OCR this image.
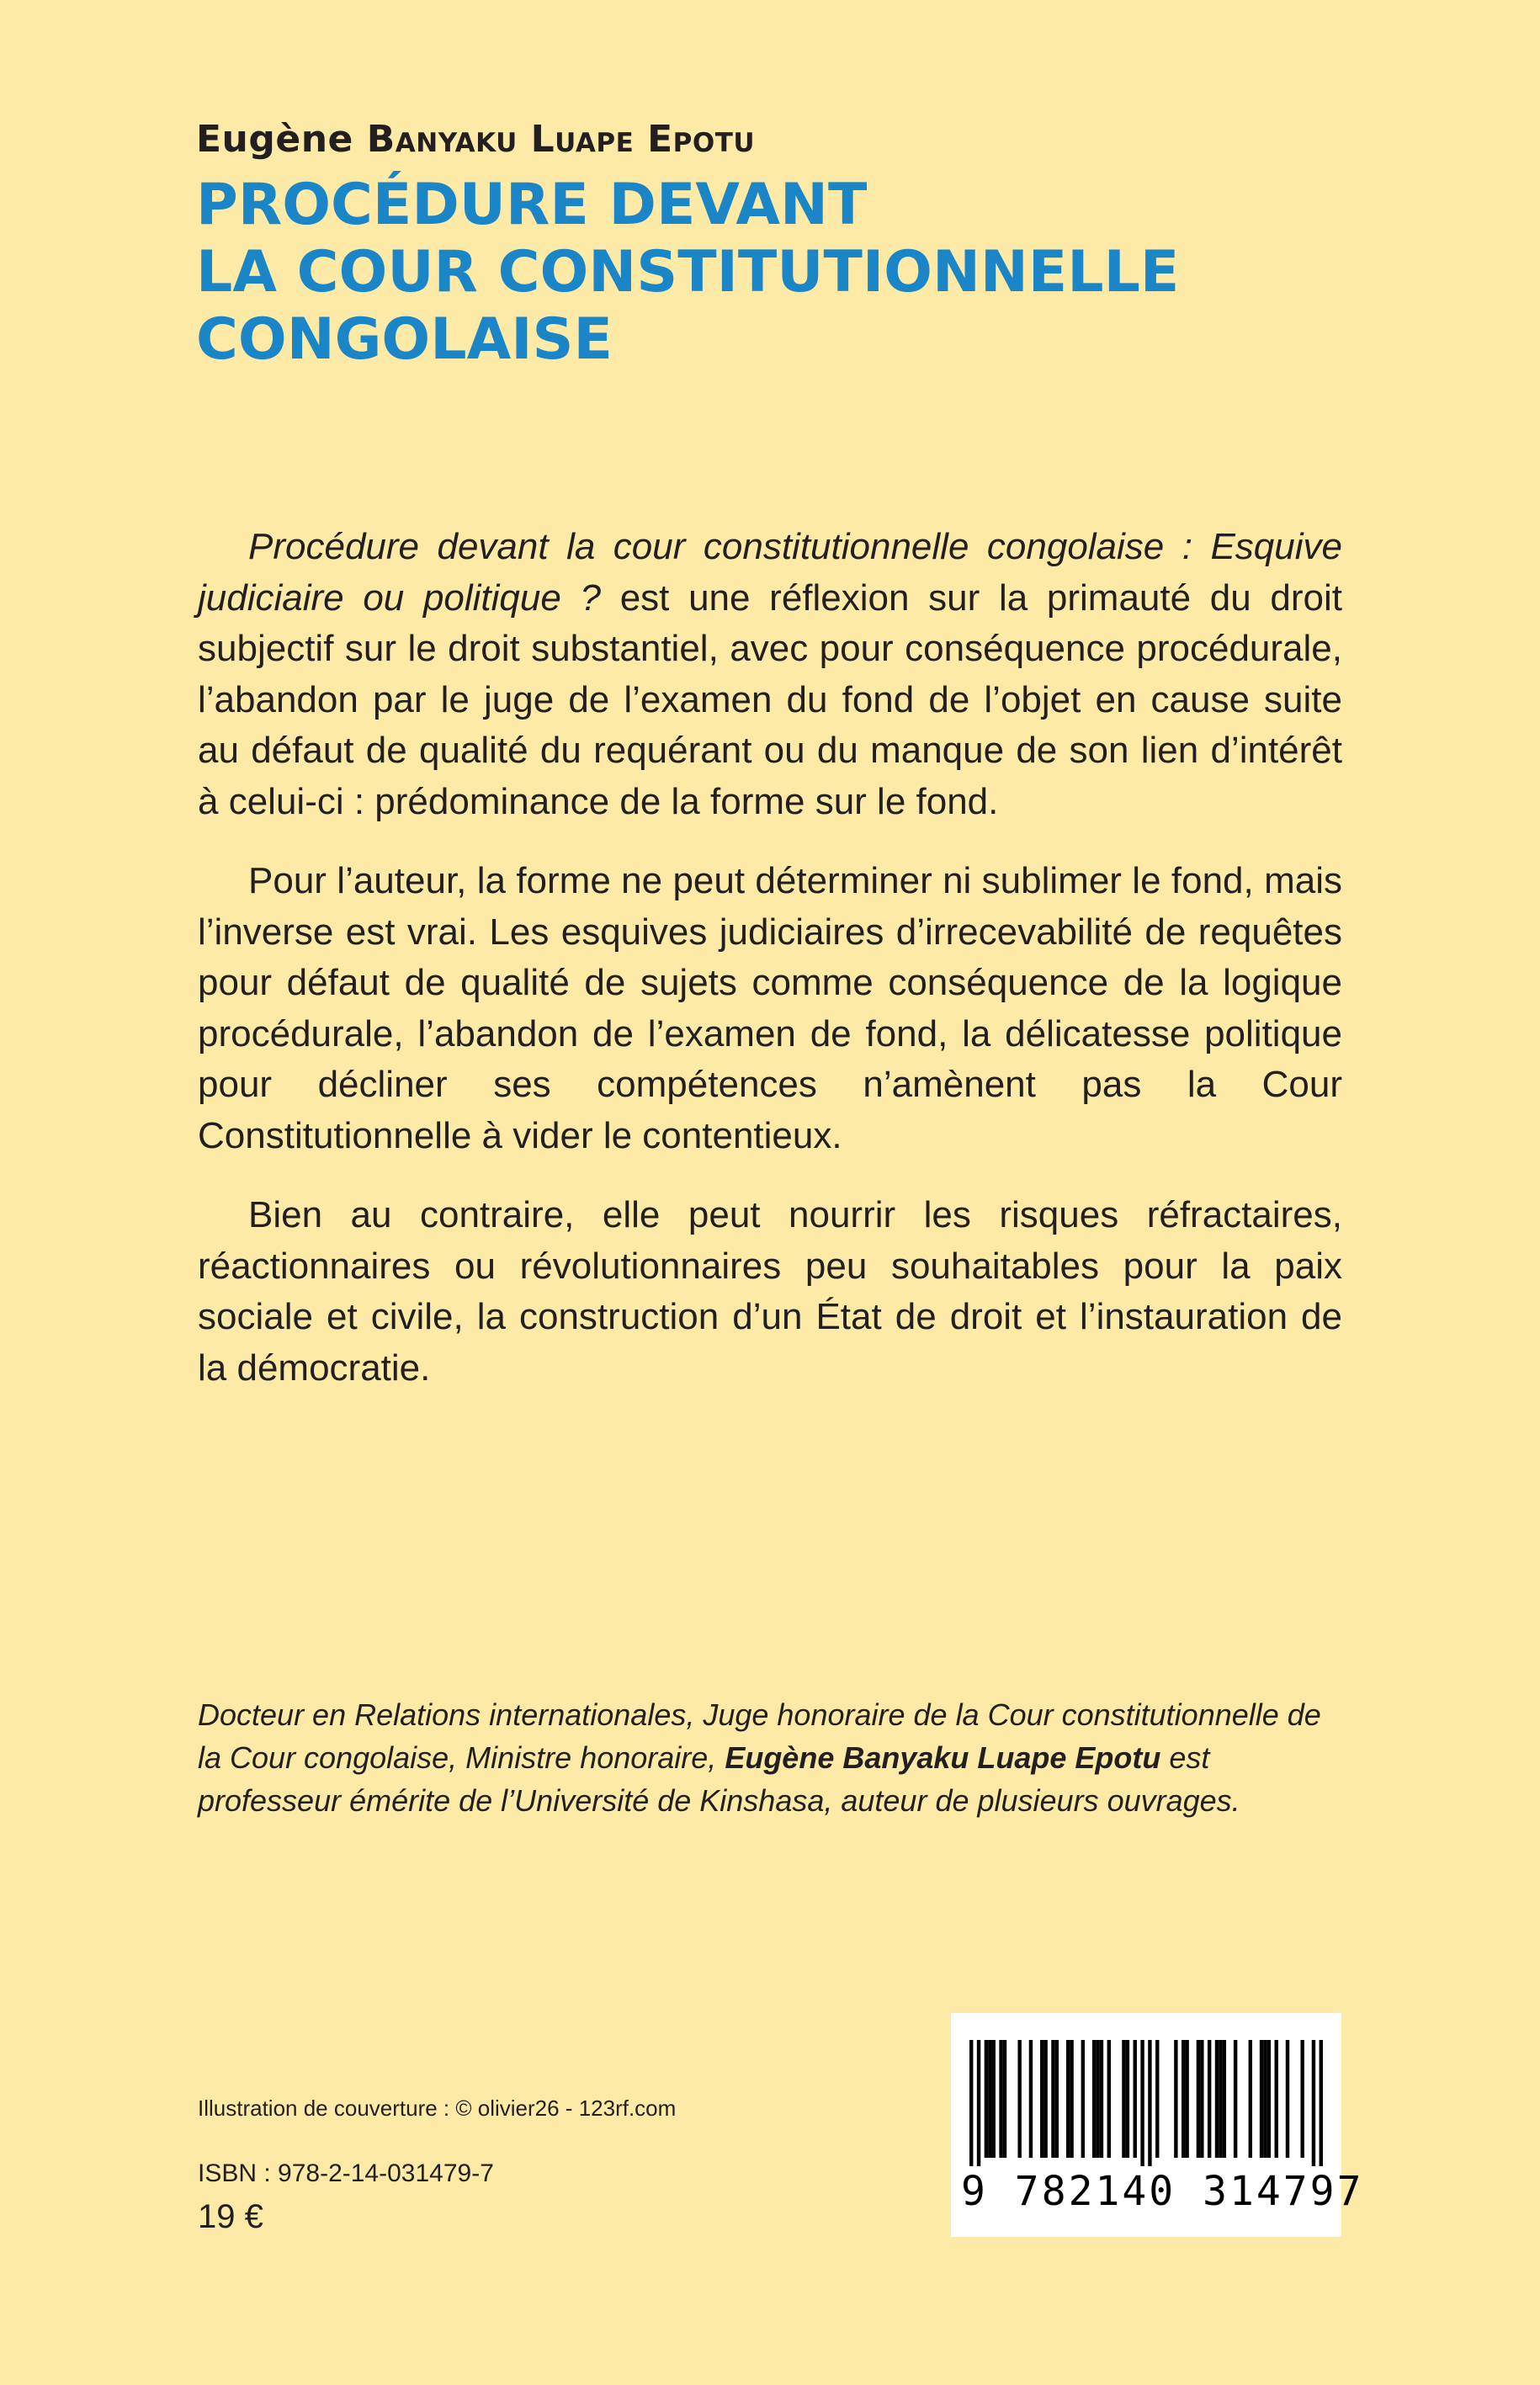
Eugène Banyaku Luape Epotu
PROCÉDURE DEVANT
LA COUR CONSTITUTIONNELLE
CONGOLAISE

Procédure devant la cour constitutionnelle congolaise : Esquive judiciaire ou politique ? est une réflexion sur la primauté du droit subjectif sur le droit substantiel, avec pour conséquence procédurale, l’abandon par le juge de l’examen du fond de l’objet en cause suite au défaut de qualité du requérant ou du manque de son lien d’intérêt à celui-ci : prédominance de la forme sur le fond.

Pour l’auteur, la forme ne peut déterminer ni sublimer le fond, mais l’inverse est vrai. Les esquives judiciaires d’irrecevabilité de requêtes pour défaut de qualité de sujets comme conséquence de la logique procédurale, l’abandon de l’examen de fond, la délicatesse politique pour décliner ses compétences n’amènent pas la Cour Constitutionnelle à vider le contentieux.

Bien au contraire, elle peut nourrir les risques réfractaires, réactionnaires ou révolutionnaires peu souhaitables pour la paix sociale et civile, la construction d’un État de droit et l’instauration de la démocratie.

Docteur en Relations internationales, Juge honoraire de la Cour constitutionnelle de la Cour congolaise, Ministre honoraire, Eugène Banyaku Luape Epotu est professeur émérite de l’Université de Kinshasa, auteur de plusieurs ouvrages.
Illustration de couverture : © olivier26 - 123rf.com
ISBN : 978-2-14-031479-7
19 €
9 782140 314797
